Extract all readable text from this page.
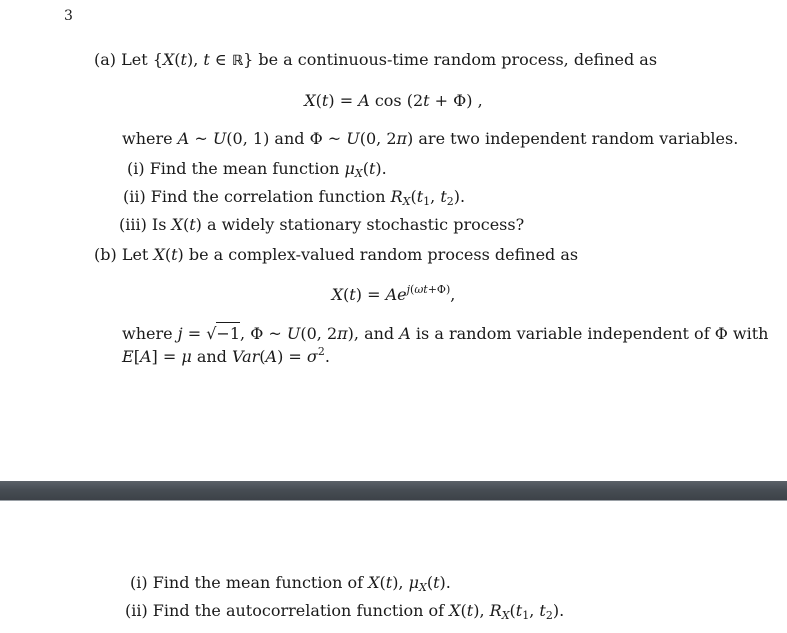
3
(a) Let {X(t), t ∈ ℝ} be a continuous-time random process, defined as
X(t) = A cos (2t + Φ) ,
where A ~ U(0, 1) and Φ ~ U(0, 2π) are two independent random variables.
(i) Find the mean function $\mu_X(t)$.
(ii) Find the correlation function $R_X(t_1$, $t_2$).
(iii) Is X(t) a widely stationary stochastic process?
(b) Let X(t) be a complex-valued random process defined as
$X(t) = Ae^{j(\omega t+\Phi)}$,
where j = √−1, Φ ~ U(0, 2π), and A is a random variable independent of Φ with
E[A] = μ and $Var(A) = \sigma^2$.
(i) Find the mean function of X(t), $\mu_X(t)$.
(ii) Find the autocorrelation function of X(t), $R_X(t_1$, $t_2$).
